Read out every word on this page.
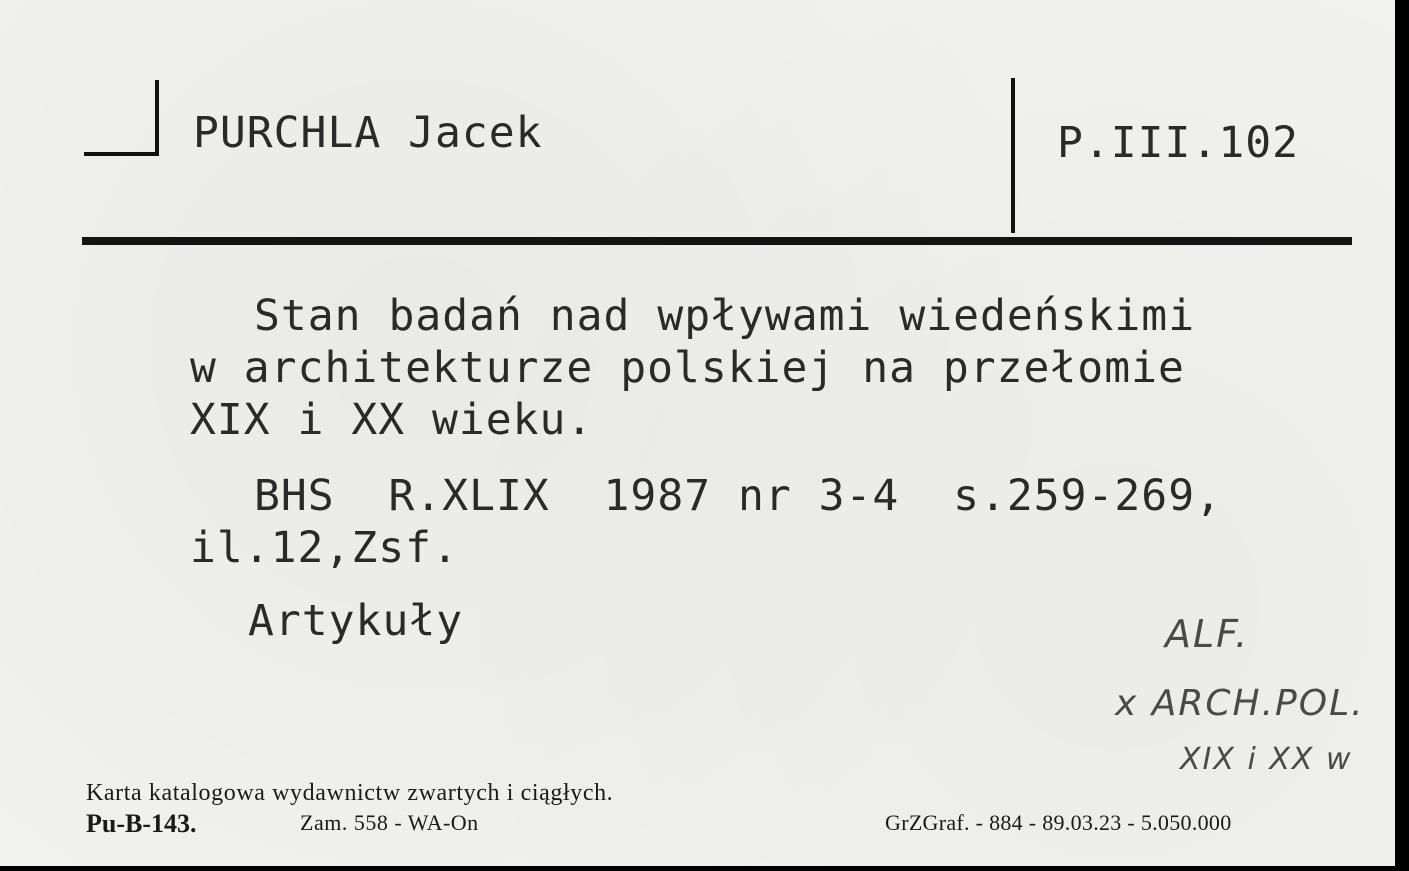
PURCHLA Jacek	P.III.102
Stan badań nad wpływami wiedeńskimi
w architekturze polskiej na przełomie
XIX i XX wieku.
BHS  R.XLIX  1987 nr 3-4  s.259-269,
il.12,Zsf.
Artykuły	ALF.
x ARCH.POL.
XIX i XX w
Karta katalogowa wydawnictw zwartych i ciągłych.
Pu-B-143.	Zam. 558 - WA-On	GrZGraf. - 884 - 89.03.23 - 5.050.000
